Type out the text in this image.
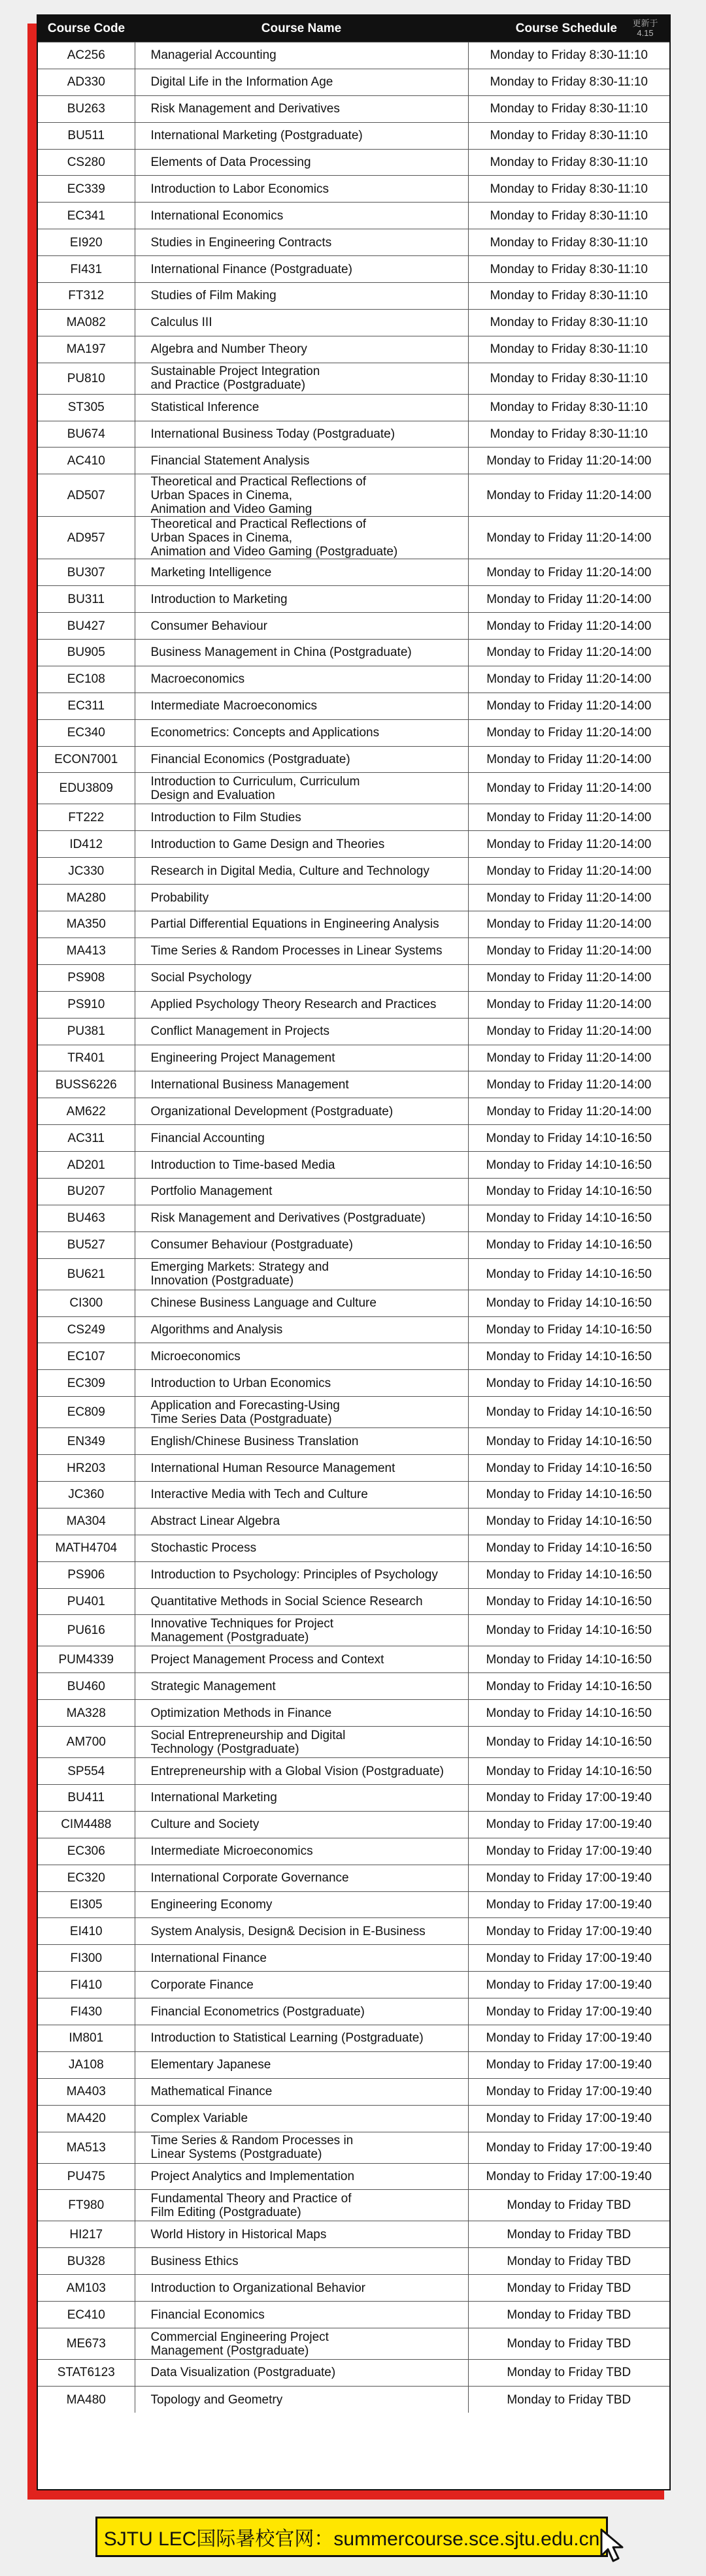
Course Code	Course Name	Course Schedule 更新于 4.15

AC256	Managerial Accounting	Monday to Friday 8:30-11:10
AD330	Digital Life in the Information Age	Monday to Friday 8:30-11:10
BU263	Risk Management and Derivatives	Monday to Friday 8:30-11:10
BU511	International Marketing (Postgraduate)	Monday to Friday 8:30-11:10
CS280	Elements of Data Processing	Monday to Friday 8:30-11:10
EC339	Introduction to Labor Economics	Monday to Friday 8:30-11:10
EC341	International Economics	Monday to Friday 8:30-11:10
EI920	Studies in Engineering Contracts	Monday to Friday 8:30-11:10
FI431	International Finance (Postgraduate)	Monday to Friday 8:30-11:10
FT312	Studies of Film Making	Monday to Friday 8:30-11:10
MA082	Calculus III	Monday to Friday 8:30-11:10
MA197	Algebra and Number Theory	Monday to Friday 8:30-11:10
PU810	Sustainable Project Integration
and Practice (Postgraduate)	Monday to Friday 8:30-11:10
ST305	Statistical Inference	Monday to Friday 8:30-11:10
BU674	International Business Today (Postgraduate)	Monday to Friday 8:30-11:10
AC410	Financial Statement Analysis	Monday to Friday 11:20-14:00
AD507	Theoretical and Practical Reflections of
Urban Spaces in Cinema,
Animation and Video Gaming	Monday to Friday 11:20-14:00
AD957	Theoretical and Practical Reflections of
Urban Spaces in Cinema,
Animation and Video Gaming (Postgraduate)	Monday to Friday 11:20-14:00
BU307	Marketing Intelligence	Monday to Friday 11:20-14:00
BU311	Introduction to Marketing	Monday to Friday 11:20-14:00
BU427	Consumer Behaviour	Monday to Friday 11:20-14:00
BU905	Business Management in China (Postgraduate)	Monday to Friday 11:20-14:00
EC108	Macroeconomics	Monday to Friday 11:20-14:00
EC311	Intermediate Macroeconomics	Monday to Friday 11:20-14:00
EC340	Econometrics: Concepts and Applications	Monday to Friday 11:20-14:00
ECON7001	Financial Economics (Postgraduate)	Monday to Friday 11:20-14:00
EDU3809	Introduction to Curriculum, Curriculum
Design and Evaluation	Monday to Friday 11:20-14:00
FT222	Introduction to Film Studies	Monday to Friday 11:20-14:00
ID412	Introduction to Game Design and Theories	Monday to Friday 11:20-14:00
JC330	Research in Digital Media, Culture and Technology	Monday to Friday 11:20-14:00
MA280	Probability	Monday to Friday 11:20-14:00
MA350	Partial Differential Equations in Engineering Analysis	Monday to Friday 11:20-14:00
MA413	Time Series & Random Processes in Linear Systems	Monday to Friday 11:20-14:00
PS908	Social Psychology	Monday to Friday 11:20-14:00
PS910	Applied Psychology Theory Research and Practices	Monday to Friday 11:20-14:00
PU381	Conflict Management in Projects	Monday to Friday 11:20-14:00
TR401	Engineering Project Management	Monday to Friday 11:20-14:00
BUSS6226	International Business Management	Monday to Friday 11:20-14:00
AM622	Organizational Development (Postgraduate)	Monday to Friday 11:20-14:00
AC311	Financial Accounting	Monday to Friday 14:10-16:50
AD201	Introduction to Time-based Media	Monday to Friday 14:10-16:50
BU207	Portfolio Management	Monday to Friday 14:10-16:50
BU463	Risk Management and Derivatives (Postgraduate)	Monday to Friday 14:10-16:50
BU527	Consumer Behaviour (Postgraduate)	Monday to Friday 14:10-16:50
BU621	Emerging Markets: Strategy and
Innovation (Postgraduate)	Monday to Friday 14:10-16:50
CI300	Chinese Business Language and Culture	Monday to Friday 14:10-16:50
CS249	Algorithms and Analysis	Monday to Friday 14:10-16:50
EC107	Microeconomics	Monday to Friday 14:10-16:50
EC309	Introduction to Urban Economics	Monday to Friday 14:10-16:50
EC809	Application and Forecasting-Using
Time Series Data (Postgraduate)	Monday to Friday 14:10-16:50
EN349	English/Chinese Business Translation	Monday to Friday 14:10-16:50
HR203	International Human Resource Management	Monday to Friday 14:10-16:50
JC360	Interactive Media with Tech and Culture	Monday to Friday 14:10-16:50
MA304	Abstract Linear Algebra	Monday to Friday 14:10-16:50
MATH4704	Stochastic Process	Monday to Friday 14:10-16:50
PS906	Introduction to Psychology: Principles of Psychology	Monday to Friday 14:10-16:50
PU401	Quantitative Methods in Social Science Research	Monday to Friday 14:10-16:50
PU616	Innovative Techniques for Project
Management (Postgraduate)	Monday to Friday 14:10-16:50
PUM4339	Project Management Process and Context	Monday to Friday 14:10-16:50
BU460	Strategic Management	Monday to Friday 14:10-16:50
MA328	Optimization Methods in Finance	Monday to Friday 14:10-16:50
AM700	Social Entrepreneurship and Digital
Technology (Postgraduate)	Monday to Friday 14:10-16:50
SP554	Entrepreneurship with a Global Vision (Postgraduate)	Monday to Friday 14:10-16:50
BU411	International Marketing	Monday to Friday 17:00-19:40
CIM4488	Culture and Society	Monday to Friday 17:00-19:40
EC306	Intermediate Microeconomics	Monday to Friday 17:00-19:40
EC320	International Corporate Governance	Monday to Friday 17:00-19:40
EI305	Engineering Economy	Monday to Friday 17:00-19:40
EI410	System Analysis, Design& Decision in E-Business	Monday to Friday 17:00-19:40
FI300	International Finance	Monday to Friday 17:00-19:40
FI410	Corporate Finance	Monday to Friday 17:00-19:40
FI430	Financial Econometrics (Postgraduate)	Monday to Friday 17:00-19:40
IM801	Introduction to Statistical Learning (Postgraduate)	Monday to Friday 17:00-19:40
JA108	Elementary Japanese	Monday to Friday 17:00-19:40
MA403	Mathematical Finance	Monday to Friday 17:00-19:40
MA420	Complex Variable	Monday to Friday 17:00-19:40
MA513	Time Series & Random Processes in
Linear Systems (Postgraduate)	Monday to Friday 17:00-19:40
PU475	Project Analytics and Implementation	Monday to Friday 17:00-19:40
FT980	Fundamental Theory and Practice of
Film Editing (Postgraduate)	Monday to Friday TBD
HI217	World History in Historical Maps	Monday to Friday TBD
BU328	Business Ethics	Monday to Friday TBD
AM103	Introduction to Organizational Behavior	Monday to Friday TBD
EC410	Financial Economics	Monday to Friday TBD
ME673	Commercial Engineering Project
Management (Postgraduate)	Monday to Friday TBD
STAT6123	Data Visualization (Postgraduate)	Monday to Friday TBD
MA480	Topology and Geometry	Monday to Friday TBD
SJTU LEC国际暑校官网：summercourse.sce.sjtu.edu.cn
